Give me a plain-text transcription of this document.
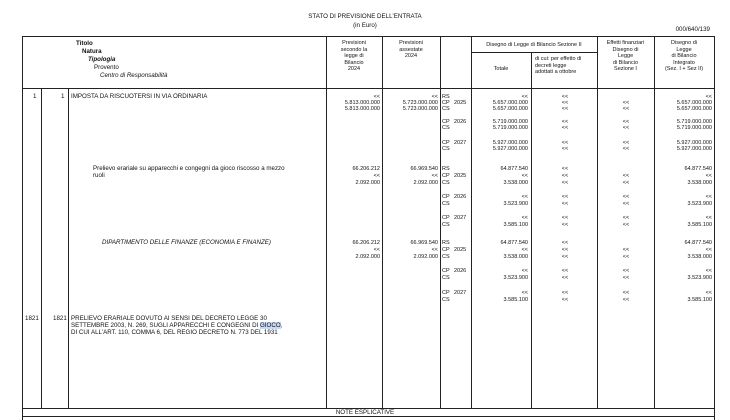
STATO DI PREVISIONE DELL'ENTRATA
(in Euro)
000/640/139
Titolo
Natura
Tipologia
Provento
Centro di Responsabilità
Previsioni
secondo la
legge di
Bilancio
2024
Previsioni
assestate
2024
Disegno di Legge di Bilancio Sezione II
Totale
di cui: per effetto di
decreti legge
adottati a ottobre
Effetti finanziari
Disegno di
Legge
di Bilancio
Sezione I
Disegno di
Legge
di Bilancio
Integrato
(Sez. I + Sez II)
1	1 IMPOSTA DA RISCUOTERSI IN VIA ORDINARIA
Prelievo erariale su apparecchi e congegni da gioco riscosso a mezzo
ruoli
DIPARTIMENTO DELLE FINANZE (ECONOMIA E FINANZE)
1821 1821 PRELIEVO ERARIALE DOVUTO AI SENSI DEL DECRETO LEGGE 30
SETTEMBRE 2003, N. 269, SUGLI APPARECCHI E CONGEGNI DI GIOCO,
DI CUI ALL'ART. 110, COMMA 6, DEL REGIO DECRETO N. 773 DEL 1931
<<
5.813.000.000
5.813.000.000
<<
5.723.000.000
5.723.000.000
RS
CP 2025
CS
CP 2026
CS
CP 2027
CS
<<
5.657.000.000
5.657.000.000
5.719.000.000
5.719.000.000
5.927.000.000
5.927.000.000
<<
<<
<<
<<
<<
<<
<<
<<
<<
<<
<<
<<
<<
<<
5.657.000.000
5.657.000.000
5.719.000.000
5.719.000.000
5.927.000.000
5.927.000.000
66.206.212
<<
2.092.000
66.969.540
<<
2.092.000
RS
CP 2025
CS
CP 2026
CS
CP 2027
CS
64.877.540
<<
3.538.000
<<
3.523.900
<<
3.585.100
<<
<<
<<
<<
<<
<<
<<
<<
<<
<<
<<
<<
<<
64.877.540
<<
3.538.000
<<
3.523.900
<<
3.585.100
66.206.212
<<
2.092.000
66.969.540
<<
2.092.000
RS
CP 2025
CS
CP 2026
CS
CP 2027
CS
64.877.540
<<
3.538.000
<<
3.523.900
<<
3.585.100
<<
<<
<<
<<
<<
<<
<<
<<
<<
<<
<<
<<
<<
64.877.540
<<
3.538.000
<<
3.523.900
<<
3.585.100
NOTE ESPLICATIVE
